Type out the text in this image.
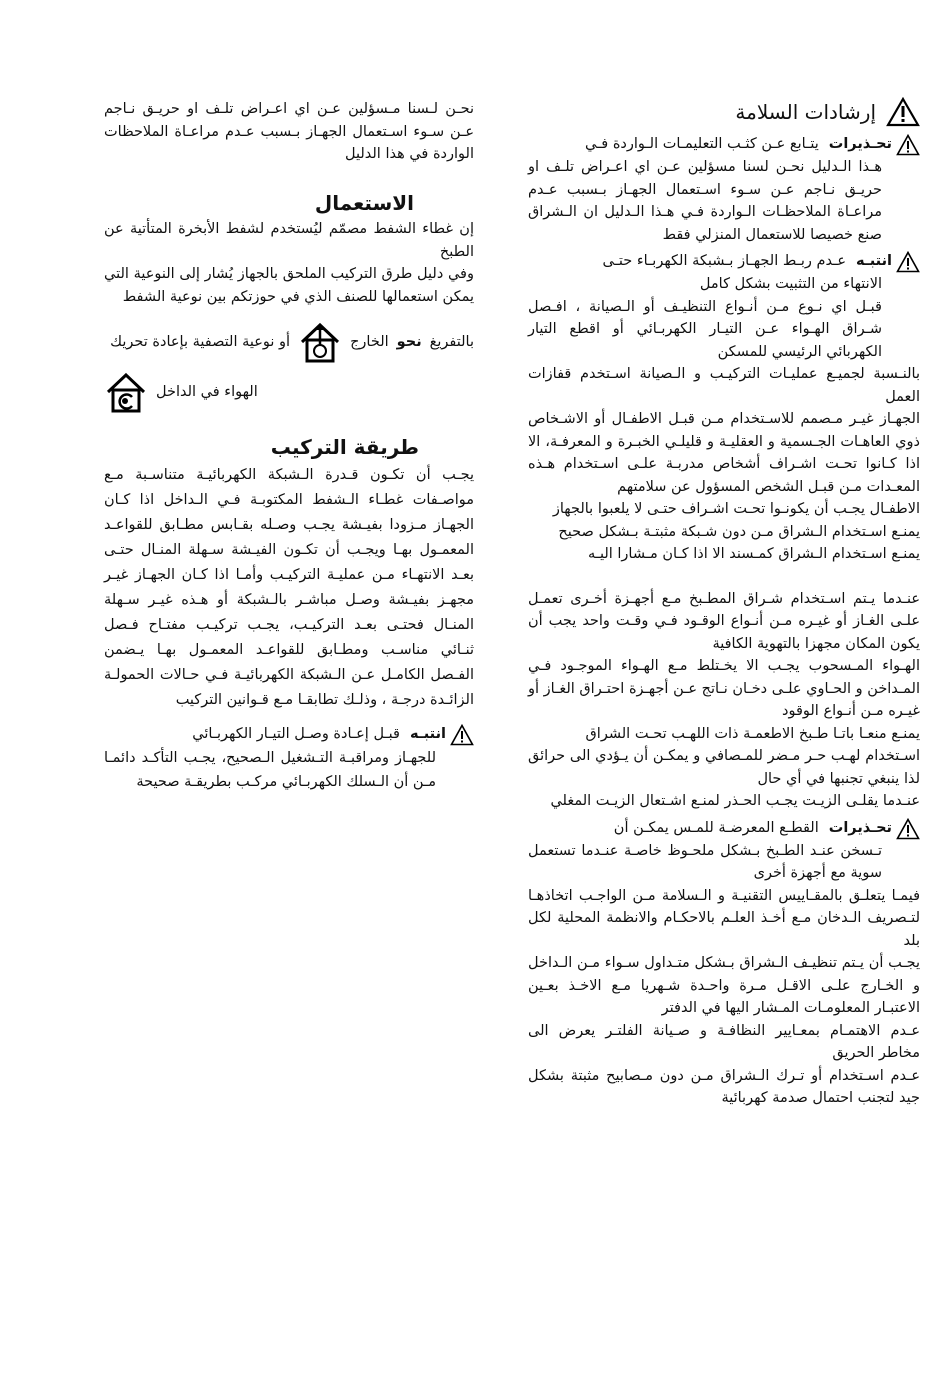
إرشادات السلامة
تحـذيرات
يتـابع عـن كثـب التعليمـات الـواردة فـي

هـذا الـدليل نحـن لسنا مسؤلين عـن اي اعـراض تلـف او حريـق نـاجم عـن سـوء اسـتعمال الجهـاز بـسبب عـدم مراعـاة الملاحظـات الـواردة فـي هـذا الـدليل ان الـشراق صنع خصيصا للاستعمال المنزلي فقط

انتبـه
عـدم ربـط الجهـاز بـشبكة الكهربـاء حتـى

الانتهاء من التثبيت بشكل كامل

قبـل اي نـوع مـن أنـواع التنظيـف أو الـصيانة ، افـصل شـراق الهـواء عـن التيـار الكهربـائي أو اقطع التيار الكهربائي الرئيسي للمسكن

بالنـسبة لجميـع عمليـات التركيـب و الـصيانة اسـتخدم قفازات العمل

الجهـاز غيـر مـصمم للاسـتخدام مـن قبـل الاطفـال أو الاشـخاص ذوي العاهـات الجـسمية و العقليـة و قليلـي الخبـرة و المعرفـة، الا اذا كـانوا تحـت اشـراف أشخاص مدربـة علـى اسـتخدام هـذه المعـدات مـن قبـل الشخص المسؤول عن سلامتهم

الاطفـال يجـب أن يكونـوا تحـت اشـراف حتـى لا يلعبوا بالجهاز

يمنـع اسـتخدام الـشراق مـن دون شـبكة مثبتـة بـشكل صحيح

يمنـع اسـتخدام الـشراق كمـسند الا اذا كـان مـشارا اليـه

عنـدما يـتم اسـتخدام شـراق المطـبخ مـع أجهـزة أخـرى تعمـل علـى الغـاز أو غيـره مـن أنـواع الوقـود فـي وقـت واحد يجب أن يكون المكان مجهزا بالتهوية الكافية

الهـواء المـسحوب يجـب الا يخـتلط مـع الهـواء الموجـود فـي المـداخن و الحـاوي علـى دخـان نـاتج عـن أجهـزة احتـراق الغـاز أو غيـره مـن أنـواع الوقود

يمنـع منعـا باتـا طـبخ الاطعمـة ذات اللهـب تحـت الشراق

اسـتخدام لهـب حـر مـضر للمـصافي و يمكـن أن يـؤدي الى حرائق لذا ينبغي تجنبها في أي حال

عنـدما يقلـى الزيـت يجـب الحـذر لمنـع اشـتعال الزيـت المغلي

تحـذيرات
القطـع المعرضـة للمـس يمكـن أن

تـسخن عنـد الطـبخ بـشكل ملحـوظ خاصـة عنـدما تستعمل سوية مع أجهزة أخرى

فيمـا يتعلـق بالمقـاييس التقنيـة و الـسلامة مـن الواجـب اتخاذهـا لتـصريف الـدخان مـع أخـذ العلـم بالاحكـام والانظمة المحلية لكل بلد

يجـب أن يـتم تنظيـف الـشراق بـشكل متـداول سـواء مـن الـداخل و الخـارج علـى الاقـل مـرة واحـدة شـهريا مـع الاخـذ بعـين الاعتبـار المعلومـات المـشار اليها في الدفتر

عـدم الاهتمـام بمعـايير النظافـة و صـيانة الفلتـر يعرض الى مخاطر الحريق

عـدم اسـتخدام أو تـرك الـشراق مـن دون مـصابيح مثبتة بشكل جيد لتجنب احتمال صدمة كهربائية

نحـن لـسنا مـسؤلين عـن اي اعـراض تلـف او حريـق نـاجم عـن سـوء اسـتعمال الجهـاز بـسبب عـدم مراعـاة الملاحظات الواردة في هذا الدليل

الاستعمال

إن غطاء الشفط مصمّم ليُستخدم لشفط الأبخرة المتأتية عن الطبخ

وفي دليل طرق التركيب الملحق بالجهاز يُشار إلى النوعية التي يمكن استعمالها للصنف الذي في حوزتكم بين نوعية الشفط

بالتفريغ
نحو
الخارج
أو نوعية التصفية بإعادة تحريك
الهواء في الداخل
طريقة التركيب

يجـب أن تكـون قـدرة الـشبكة الكهربائيـة متناسـبة مـع مواصـفات غطـاء الـشفط المكتوبـة فـي الـداخل اذا كـان الجهـاز مـزودا بفيـشة يجـب وصـله بقـابس مطـابق للقواعـد المعمـول بهـا ويجـب أن تكـون الفيـشة سـهلة المنـال حتـى بعـد الانتهـاء مـن عمليـة التركيـب وأمـا اذا كـان الجهـاز غيـر مجهـز بفيـشة وصـل مباشـر بالـشبكة أو هـذه غيـر سـهلة المنـال فحتـى بعـد التركيـب، يجـب تركيـب مفتـاح فـصل ثنـائي مناسـب ومطـابق للقواعـد المعمـول بهـا يـضمن الفـصل الكامـل عـن الـشبكة الكهربائيـة فـي حـالات الحمولـة الزائـدة درجـة ، وذلـك تطابقـا مـع قـوانين التركيب

انتبـه
قبـل إعـادة وصـل التيـار الكهربـائي

للجهـاز ومراقبـة التـشغيل الـصحيح، يجـب التأكـد دائمـا مـن أن الـسلك الكهربـائي مركـب بطريقـة صحيحة
